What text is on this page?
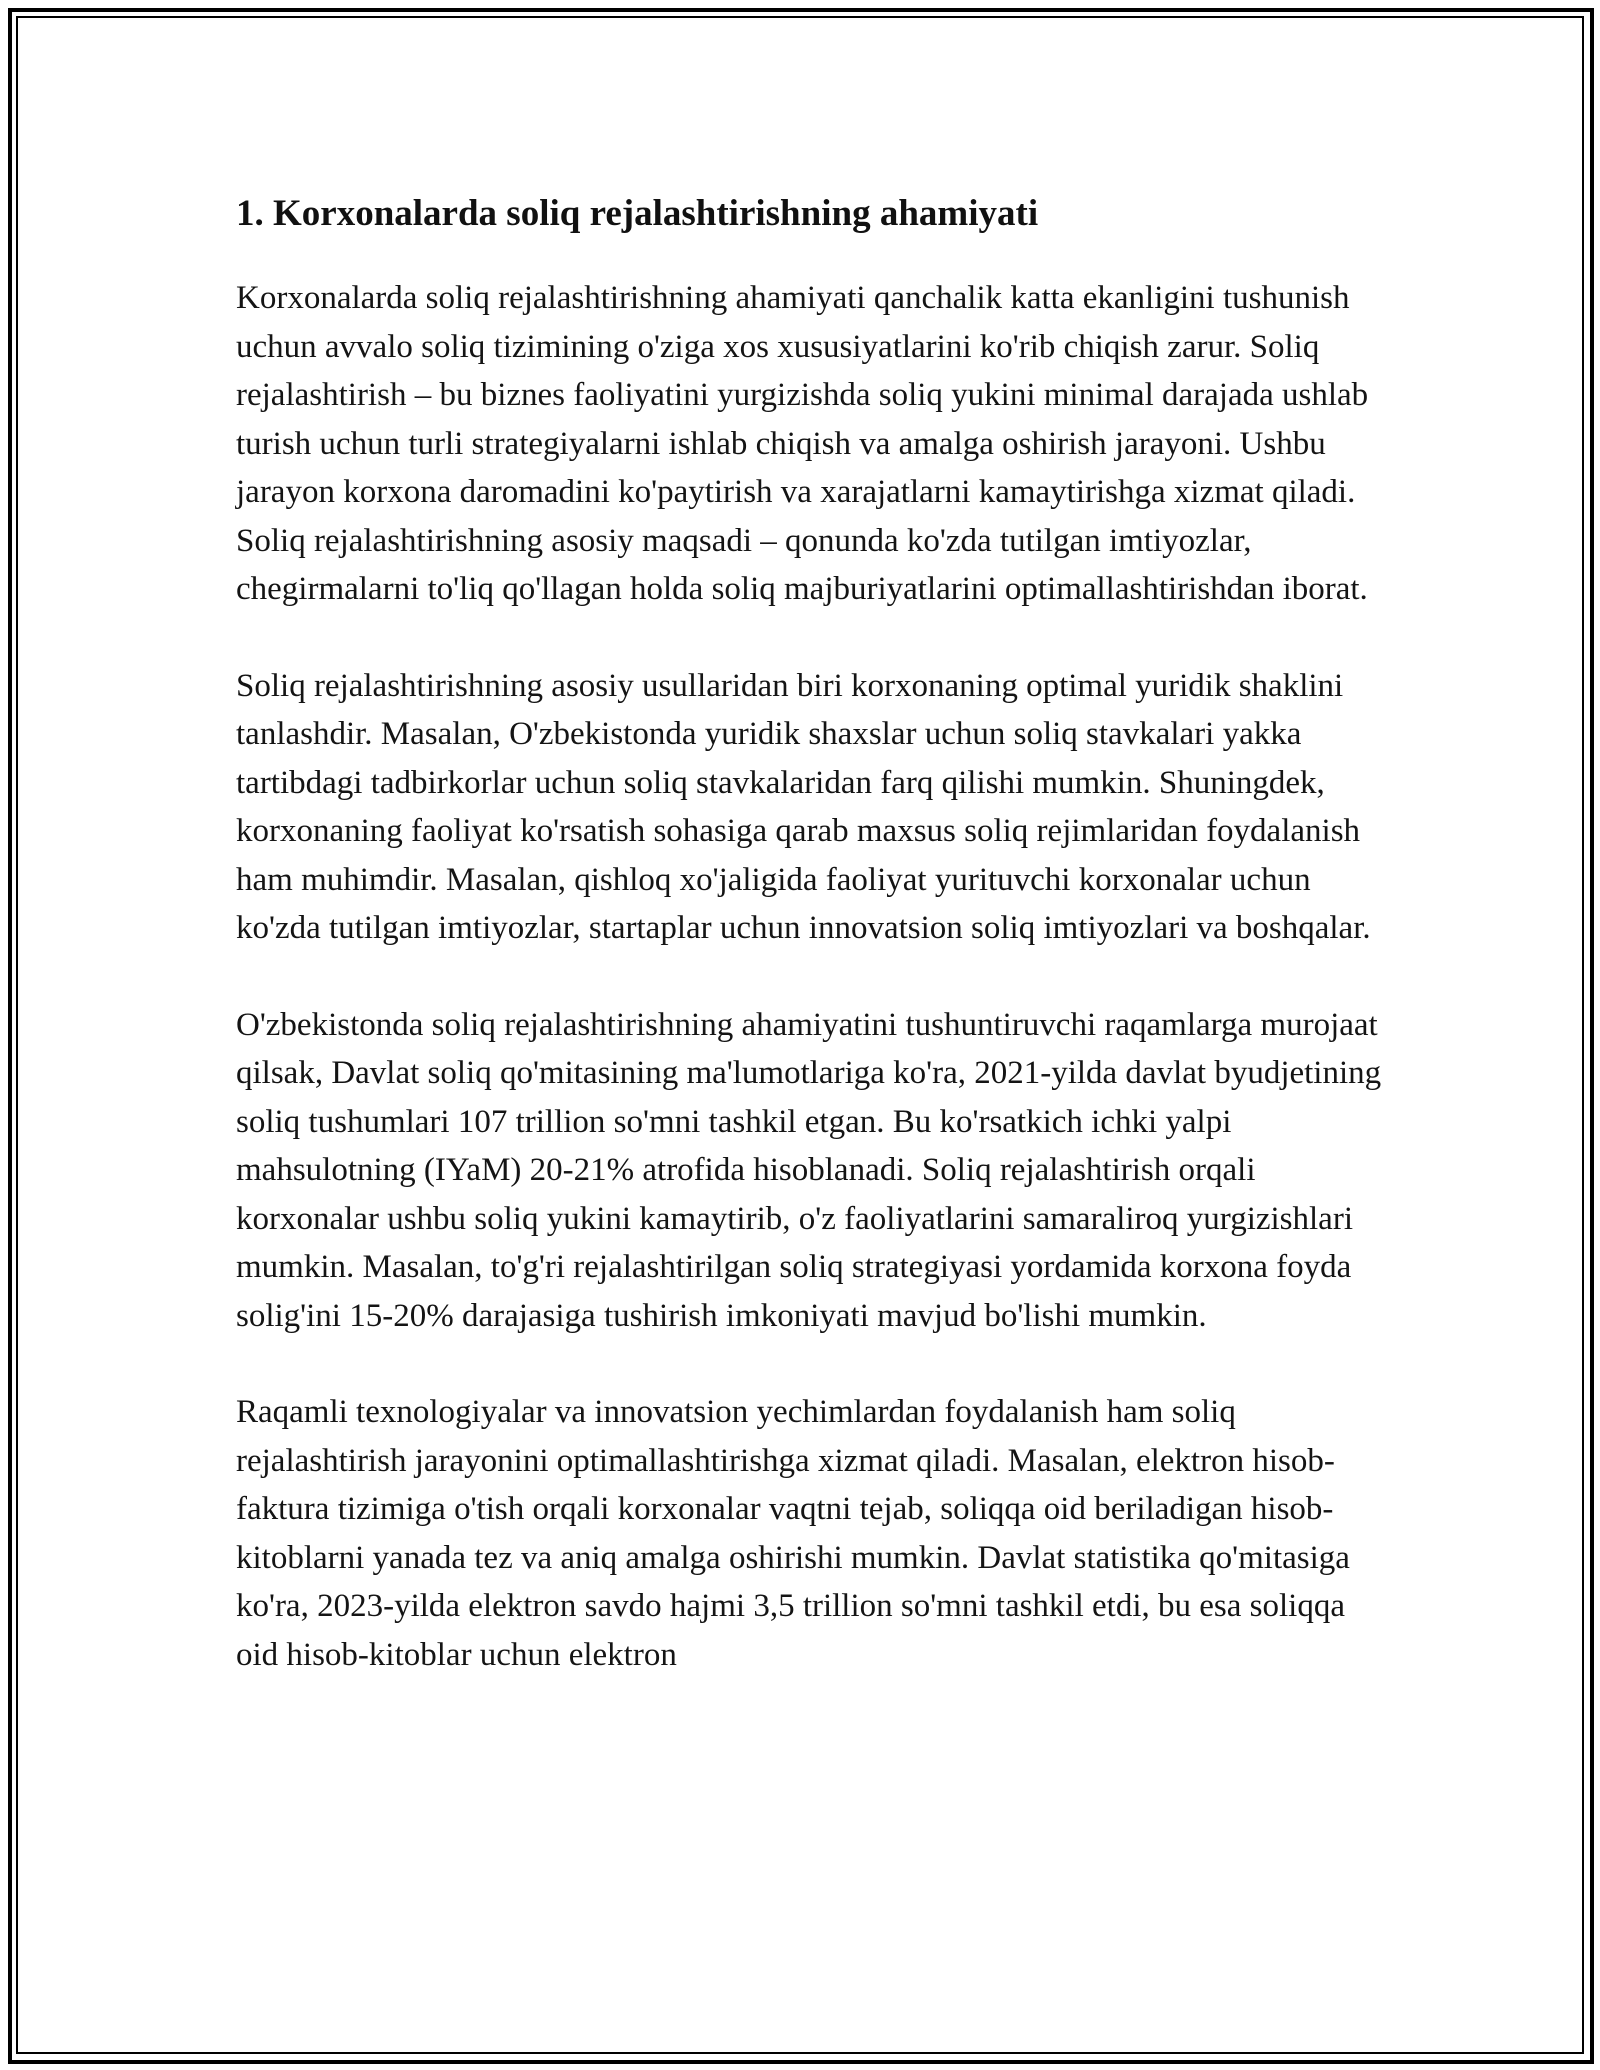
1. Korxonalarda soliq rejalashtirishning ahamiyati

Korxonalarda soliq rejalashtirishning ahamiyati qanchalik katta ekanligini tushunish uchun avvalo soliq tizimining o'ziga xos xususiyatlarini ko'rib chiqish zarur. Soliq rejalashtirish – bu biznes faoliyatini yurgizishda soliq yukini minimal darajada ushlab turish uchun turli strategiyalarni ishlab chiqish va amalga oshirish jarayoni. Ushbu jarayon korxona daromadini ko'paytirish va xarajatlarni kamaytirishga xizmat qiladi. Soliq rejalashtirishning asosiy maqsadi – qonunda ko'zda tutilgan imtiyozlar, chegirmalarni to'liq qo'llagan holda soliq majburiyatlarini optimallashtirishdan iborat.

Soliq rejalashtirishning asosiy usullaridan biri korxonaning optimal yuridik shaklini tanlashdir. Masalan, O'zbekistonda yuridik shaxslar uchun soliq stavkalari yakka tartibdagi tadbirkorlar uchun soliq stavkalaridan farq qilishi mumkin. Shuningdek, korxonaning faoliyat ko'rsatish sohasiga qarab maxsus soliq rejimlaridan foydalanish ham muhimdir. Masalan, qishloq xo'jaligida faoliyat yurituvchi korxonalar uchun ko'zda tutilgan imtiyozlar, startaplar uchun innovatsion soliq imtiyozlari va boshqalar.

O'zbekistonda soliq rejalashtirishning ahamiyatini tushuntiruvchi raqamlarga murojaat qilsak, Davlat soliq qo'mitasining ma'lumotlariga ko'ra, 2021-yilda davlat byudjetining soliq tushumlari 107 trillion so'mni tashkil etgan. Bu ko'rsatkich ichki yalpi mahsulotning (IYaM) 20-21% atrofida hisoblanadi. Soliq rejalashtirish orqali korxonalar ushbu soliq yukini kamaytirib, o'z faoliyatlarini samaraliroq yurgizishlari mumkin. Masalan, to'g'ri rejalashtirilgan soliq strategiyasi yordamida korxona foyda solig'ini 15-20% darajasiga tushirish imkoniyati mavjud bo'lishi mumkin.

Raqamli texnologiyalar va innovatsion yechimlardan foydalanish ham soliq rejalashtirish jarayonini optimallashtirishga xizmat qiladi. Masalan, elektron hisob-faktura tizimiga o'tish orqali korxonalar vaqtni tejab, soliqqa oid beriladigan hisob-kitoblarni yanada tez va aniq amalga oshirishi mumkin. Davlat statistika qo'mitasiga ko'ra, 2023-yilda elektron savdo hajmi 3,5 trillion so'mni tashkil etdi, bu esa soliqqa oid hisob-kitoblar uchun elektron
